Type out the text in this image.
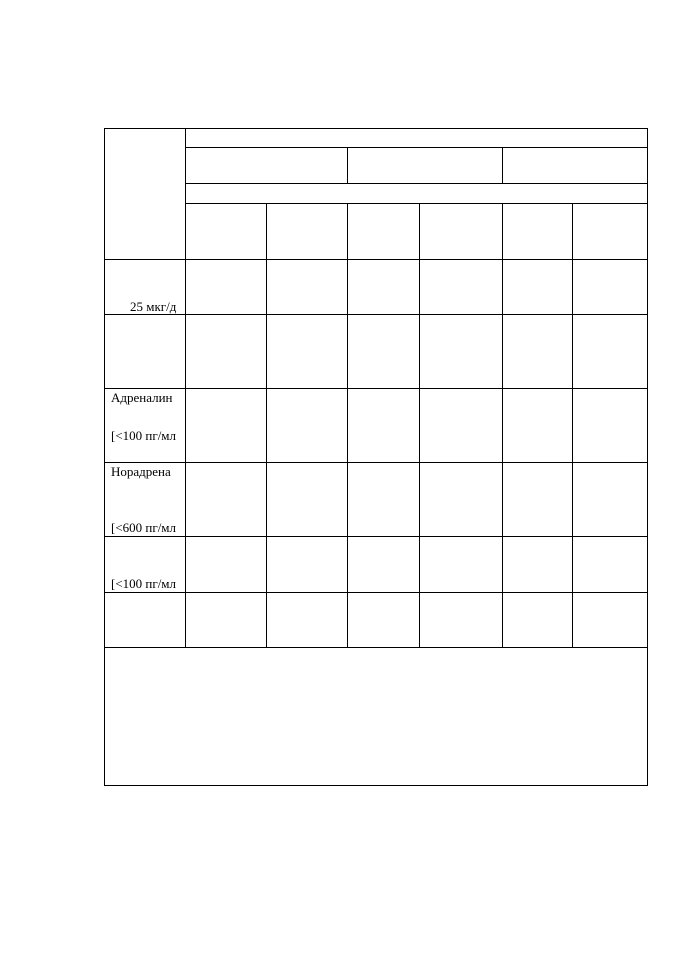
25 мкг/д
Адреналин
[<100 пг/мл
Норадрена
[<600 пг/мл
[<100 пг/мл
